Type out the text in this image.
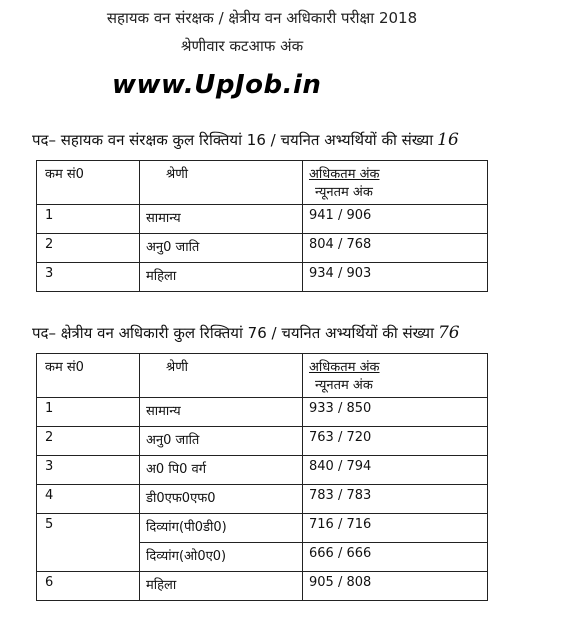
सहायक वन संरक्षक / क्षेत्रीय वन अधिकारी परीक्षा 2018
श्रेणीवार कटआफ अंक
www.UpJob.in
पद– सहायक वन संरक्षक कुल रिक्तियां 16 / चयनित अभ्यर्थियों की संख्या 16
कम सं0	श्रेणी	अधिकतम अंक
न्यूनतम अंक

1	सामान्य	941 / 906
2	अनु0 जाति	804 / 768
3	महिला	934 / 903
पद– क्षेत्रीय वन अधिकारी कुल रिक्तियां 76 / चयनित अभ्यर्थियों की संख्या 76
कम सं0	श्रेणी	अधिकतम अंक
न्यूनतम अंक

1	सामान्य	933 / 850
2	अनु0 जाति	763 / 720
3	अ0 पि0 वर्ग	840 / 794
4	डी0एफ0एफ0	783 / 783
5	दिव्यांग(पी0डी0)	716 / 716
	दिव्यांग(ओ0ए0)	666 / 666
6	महिला	905 / 808
